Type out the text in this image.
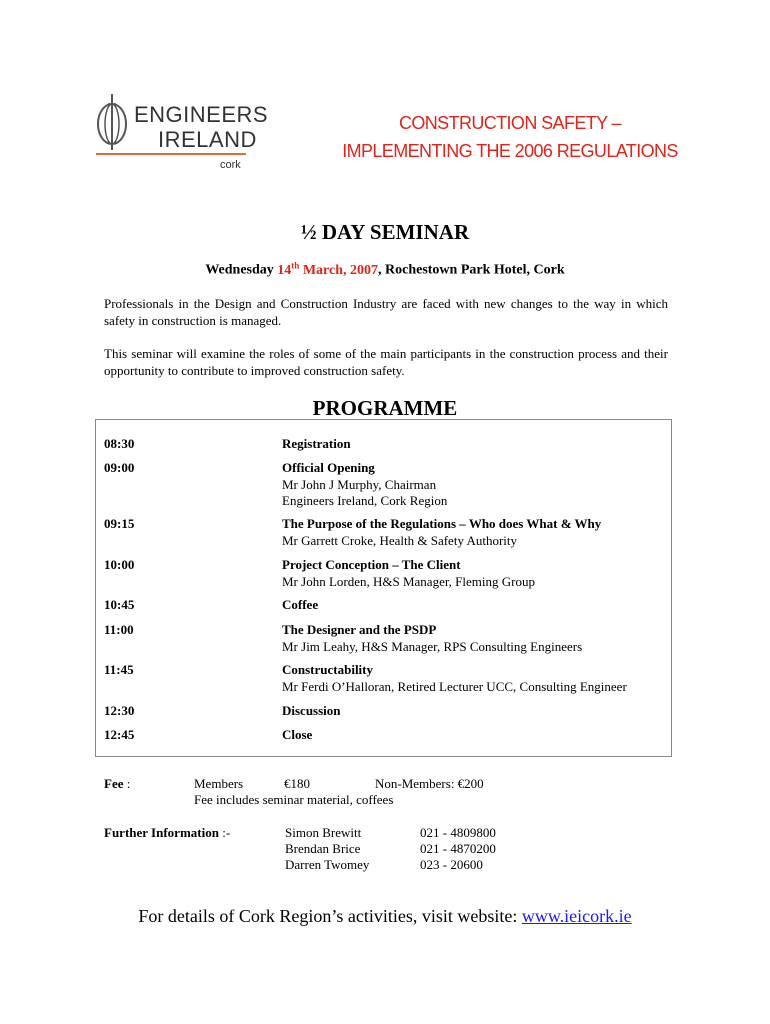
ENGINEERS
IRELAND
cork
CONSTRUCTION SAFETY –
IMPLEMENTING THE 2006 REGULATIONS
½ DAY SEMINAR
Wednesday 14th March, 2007, Rochestown Park Hotel, Cork
Professionals in the Design and Construction Industry are faced with new changes to the way in which safety in construction is managed.
This seminar will examine the roles of some of the main participants in the construction process and their opportunity to contribute to improved construction safety.
PROGRAMME
08:30	Registration
09:00	Official Opening
Mr John J Murphy, Chairman
Engineers Ireland, Cork Region
09:15	The Purpose of the Regulations – Who does What & Why
Mr Garrett Croke, Health & Safety Authority
10:00	Project Conception – The Client
Mr John Lorden, H&S Manager, Fleming Group
10:45	Coffee
11:00	The Designer and the PSDP
Mr Jim Leahy, H&S Manager, RPS Consulting Engineers
11:45	Constructability
Mr Ferdi O’Halloran, Retired Lecturer UCC, Consulting Engineer
12:30	Discussion
12:45	Close
Fee :	Members	€180	Non-Members: €200
Fee includes seminar material, coffees
Further Information :-	Simon Brewitt	021 - 4809800
Brendan Brice	021 - 4870200
Darren Twomey	023 - 20600
For details of Cork Region’s activities, visit website: www.ieicork.ie
